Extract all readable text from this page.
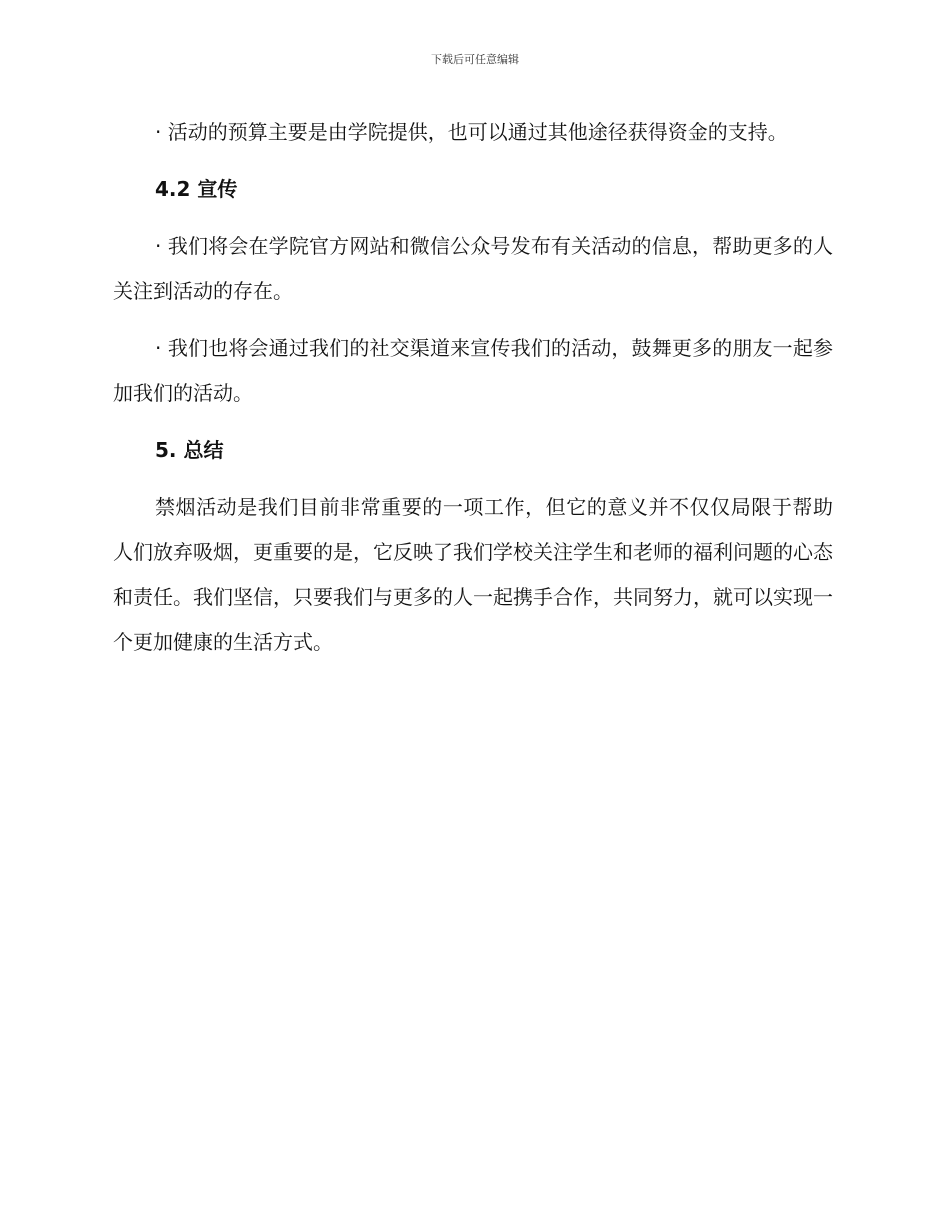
下载后可任意编辑

· 活动的预算主要是由学院提供，也可以通过其他途径获得资金的支持。

4.2 宣传

· 我们将会在学院官方网站和微信公众号发布有关活动的信息，帮助更多的人关注到活动的存在。

· 我们也将会通过我们的社交渠道来宣传我们的活动，鼓舞更多的朋友一起参加我们的活动。

5. 总结

禁烟活动是我们目前非常重要的一项工作，但它的意义并不仅仅局限于帮助人们放弃吸烟，更重要的是，它反映了我们学校关注学生和老师的福利问题的心态和责任。我们坚信，只要我们与更多的人一起携手合作，共同努力，就可以实现一个更加健康的生活方式。
